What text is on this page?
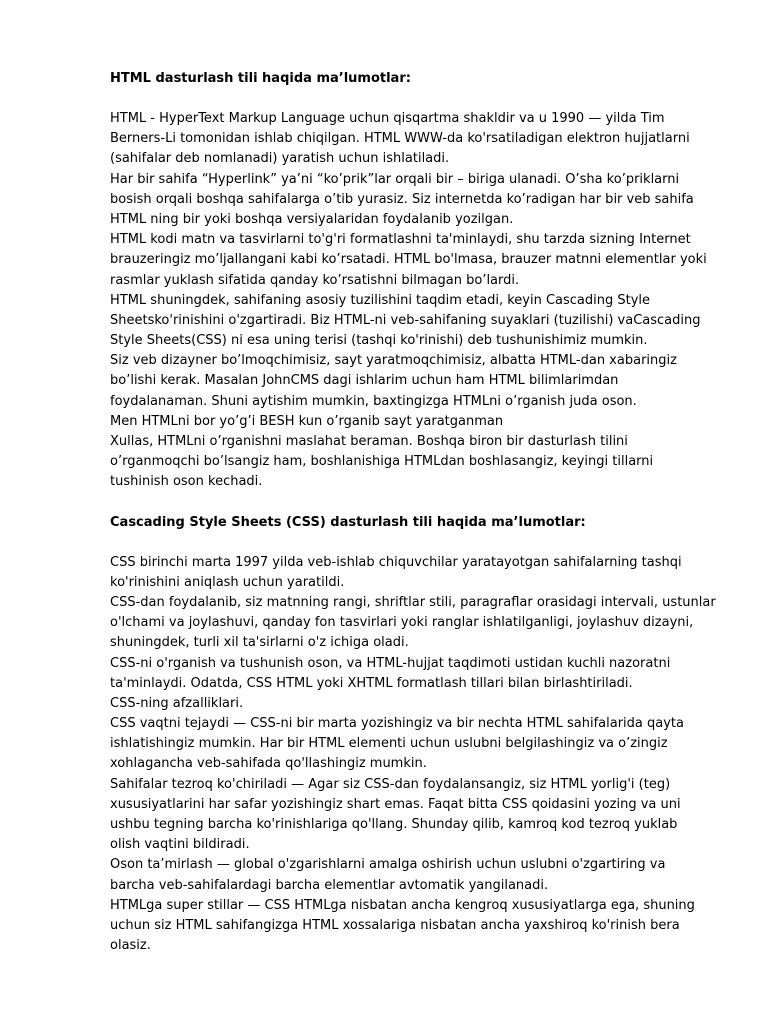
HTML dasturlash tili haqida ma’lumotlar:
HTML - HyperText Markup Language uchun qisqartma shakldir va u 1990 — yilda Tim
Berners-Li tomonidan ishlab chiqilgan. HTML WWW-da ko'rsatiladigan elektron hujjatlarni
(sahifalar deb nomlanadi) yaratish uchun ishlatiladi.
Har bir sahifa “Hyperlink” ya’ni “ko’prik”lar orqali bir – biriga ulanadi. O’sha ko’priklarni
bosish orqali boshqa sahifalarga o’tib yurasiz. Siz internetda ko’radigan har bir veb sahifa
HTML ning bir yoki boshqa versiyalaridan foydalanib yozilgan.
HTML kodi matn va tasvirlarni to'g'ri formatlashni ta'minlaydi, shu tarzda sizning Internet
brauzeringiz mo’ljallangani kabi ko’rsatadi. HTML bo'lmasa, brauzer matnni elementlar yoki
rasmlar yuklash sifatida qanday ko’rsatishni bilmagan bo’lardi.
HTML shuningdek, sahifaning asosiy tuzilishini taqdim etadi, keyin Cascading Style
Sheetsko'rinishini o'zgartiradi. Biz HTML-ni veb-sahifaning suyaklari (tuzilishi) vaCascading
Style Sheets(CSS) ni esa uning terisi (tashqi ko'rinishi) deb tushunishimiz mumkin.
Siz veb dizayner bo’lmoqchimisiz, sayt yaratmoqchimisiz, albatta HTML-dan xabaringiz
bo’lishi kerak. Masalan JohnCMS dagi ishlarim uchun ham HTML bilimlarimdan
foydalanaman. Shuni aytishim mumkin, baxtingizga HTMLni o’rganish juda oson.
Men HTMLni bor yo’g’i BESH kun o’rganib sayt yaratganman
Xullas, HTMLni o’rganishni maslahat beraman. Boshqa biron bir dasturlash tilini
o’rganmoqchi bo’lsangiz ham, boshlanishiga HTMLdan boshlasangiz, keyingi tillarni
tushinish oson kechadi.
Cascading Style Sheets (CSS) dasturlash tili haqida ma’lumotlar:
CSS birinchi marta 1997 yilda veb-ishlab chiquvchilar yaratayotgan sahifalarning tashqi
ko'rinishini aniqlash uchun yaratildi.
CSS-dan foydalanib, siz matnning rangi, shriftlar stili, paragraflar orasidagi intervali, ustunlar
o'lchami va joylashuvi, qanday fon tasvirlari yoki ranglar ishlatilganligi, joylashuv dizayni,
shuningdek, turli xil ta'sirlarni o'z ichiga oladi.
CSS-ni o'rganish va tushunish oson, va HTML-hujjat taqdimoti ustidan kuchli nazoratni
ta'minlaydi. Odatda, CSS HTML yoki XHTML formatlash tillari bilan birlashtiriladi.
CSS-ning afzalliklari.
CSS vaqtni tejaydi — CSS-ni bir marta yozishingiz va bir nechta HTML sahifalarida qayta
ishlatishingiz mumkin. Har bir HTML elementi uchun uslubni belgilashingiz va o’zingiz
xohlagancha veb-sahifada qo'llashingiz mumkin.
Sahifalar tezroq ko'chiriladi — Agar siz CSS-dan foydalansangiz, siz HTML yorlig'i (teg)
xususiyatlarini har safar yozishingiz shart emas. Faqat bitta CSS qoidasini yozing va uni
ushbu tegning barcha ko'rinishlariga qo'llang. Shunday qilib, kamroq kod tezroq yuklab
olish vaqtini bildiradi.
Oson ta’mirlash — global o'zgarishlarni amalga oshirish uchun uslubni o'zgartiring va
barcha veb-sahifalardagi barcha elementlar avtomatik yangilanadi.
HTMLga super stillar — CSS HTMLga nisbatan ancha kengroq xususiyatlarga ega, shuning
uchun siz HTML sahifangizga HTML xossalariga nisbatan ancha yaxshiroq ko'rinish bera
olasiz.
